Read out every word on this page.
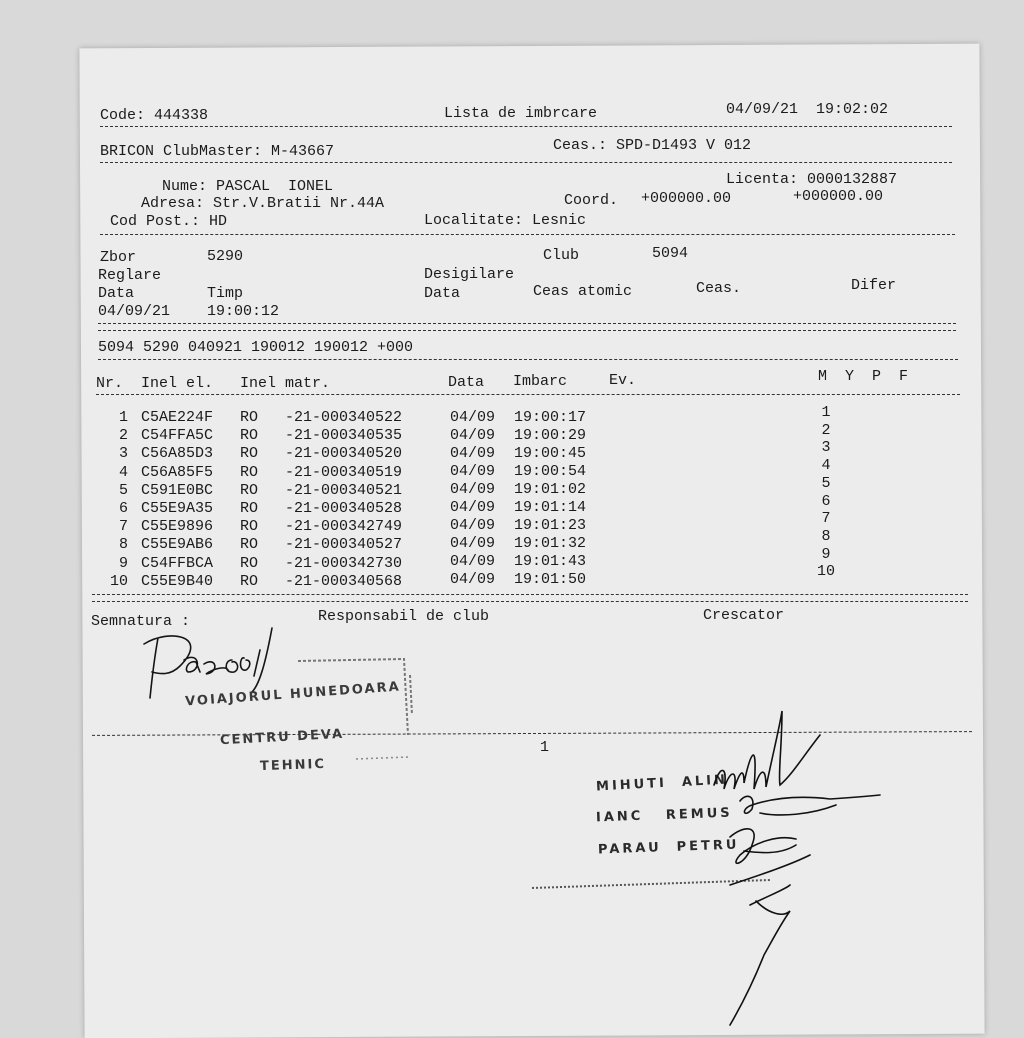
Code: 444338	Lista de imbrcare	04/09/21  19:02:02
BRICON ClubMaster: M-43667	Ceas.: SPD-D1493 V 012
Nume: PASCAL  IONEL	Licenta: 0000132887
Adresa: Str.V.Bratii Nr.44A	Coord. +000000.00	+000000.00
Cod Post.: HD	Localitate: Lesnic
Zbor	5290	Club	5094
Reglare	Desigilare
Data	Timp	Data	Ceas atomic	Ceas.	Difer
04/09/21 19:00:12
5094 5290 040921 190012 190012 +000
Nr. Inel el. Inel matr.	Data Imbarc	Ev.	M  Y  P  F
1 C5AE224F RO -21-000340522	04/09 19:00:17	1
2 C54FFA5C RO -21-000340535	04/09 19:00:29	2
3 C56A85D3 RO -21-000340520	04/09 19:00:45	3
4 C56A85F5 RO -21-000340519	04/09 19:00:54	4
5 C591E0BC RO -21-000340521	04/09 19:01:02	5
6 C55E9A35 RO -21-000340528	04/09 19:01:14	6
7 C55E9896 RO -21-000342749	04/09 19:01:23	7
8 C55E9AB6 RO -21-000340527	04/09 19:01:32	8
9 C54FFBCA RO -21-000342730	04/09 19:01:43	9
10 C55E9B40 RO -21-000340568	04/09 19:01:50	10
Semnatura :	Responsabil de club	Crescator
1
VOIAJORUL HUNEDOARA
CENTRU DEVA
TEHNIC
MIHUTI  ALIN
IANC   REMUS
PARAU  PETRU
